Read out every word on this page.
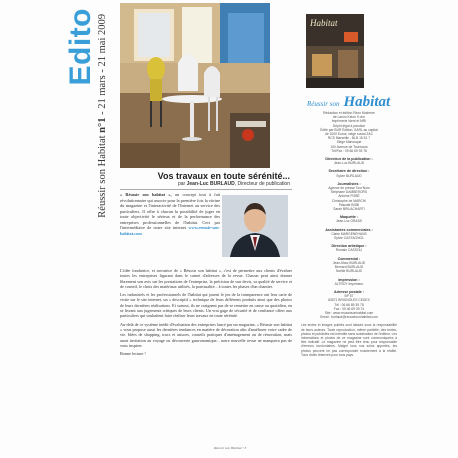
Edito
Réussir son Habitat n°1 - 21 mars - 21 mai 2009	Habitat
Réussir son Habitat
Rédaction et édition Rézo Moderne
de Lanon Kelon 9 ohn
Imprimerie Ident et MRI
Dépôt légal à parution
Édité par BUR Édition, SARL au capital
de 1000 Euros, siège social ZAC
RCS Marseille - BLB 15 51 7
Siège Manosque
100 Avenue de Tourmous
Tél/Fax : 09 66 69 39 78
Directeur de la publication :
Jean-Luc BURLAUD
Secrétaire de direction :
Sylvie BURLAUD
Journalistes :
Agence de presse Tour'Nom
Stéphane DAMBERORS
Antoine POBÉ
Christophe de MARCHI
Pascale BOBI
Sarah BRILACHARTI
Maquette :
Jean-Luc GRASS
Assistantes commerciales :
Claire MARGENEHANS
Sylvie CASTAGNOL
Direction artistique :
Romain CASSOLI
Commercial :
Jean-Marc BURLAUD
Bernard BURLAUD
Noëlle BURLAUD
Impression :
ALTROY Imprimeur
Adresse postale :
BP 57
83571 BRIGNOLES CEDEX
Tél : 06 66 89 39 78
Fax : 09 46 69 39 74
Site : www.reussirsonhabitat.com
Email : burlaud@reussirsonhabitat.com
Les textes et images publiés sont laissés sous la responsabilité de leurs auteurs. Toute reproduction, même partielle, des textes, photos et publicités est interdite sans autorisation de l'éditeur. Les informations et photos de ce magazine sont communiquées à titre indicatif. Le magazine ne peut être tenu pour responsable d'erreurs involontaires. Malgré tous nos soins apportés, les photos peuvent ne pas correspondre exactement à la réalité. Tous droits réservés pour tous pays.
Vos travaux en toute sérénité...
par Jean-Luc BURLAUD, Directeur de publication
« Réussir son habitat », un concept tout à fait révolutionnaire qui associe pour la première fois la vitrine du magazine et l'interactivité de l'Internet au service des particuliers. Il offre à chacun la possibilité de juger en toute objectivité le sérieux et de la performance des entreprises professionnelles de l'habitat. Ceci par l'intermédiaire de notre site internet www.reussir-son-habitat.com

L'idée fondatrice, et novatrice de « Réussir son habitat », c'est de permettre aux clients d'évaluer toutes les entreprises figurant dans le carnet d'adresses de la revue. Chacun peut ainsi donner librement son avis sur les prestations de l'entreprise, la précision de son devis, sa qualité de service et de conseil, le choix des matériaux utilisés, la ponctualité... à toutes les phases d'un chantier.

Les industriels et les professionnels de l'habitat qui jouent le jeu de la transparence ont leur carte de visite sur le site internet, un « descriptif » technique de leurs différents produits ainsi que des photos de leurs dernières réalisations. Et surtout, ils ne craignent pas de se remettre en cause au quotidien, en se livrant aux jugements critiques de leurs clients. Un vrai gage de sécurité et de confiance offert aux particuliers qui souhaitent faire réaliser leurs travaux en toute sérénité.

Au-delà de ce système inédit d'évaluation des entreprises lancé par un magazine, « Réussir son habitat » vous propose aussi les dernières tendances en matière de décoration afin d'améliorer votre cadre de vie. Idées de shopping, trucs et astuces, conseils pratiques d'aménagement ou de rénovation, mais aussi invitation au voyage ou découverte gastronomique... notre nouvelle revue ne manquera pas de vous inspirer.

Bonne lecture !

Réussir son Habitat • 3
